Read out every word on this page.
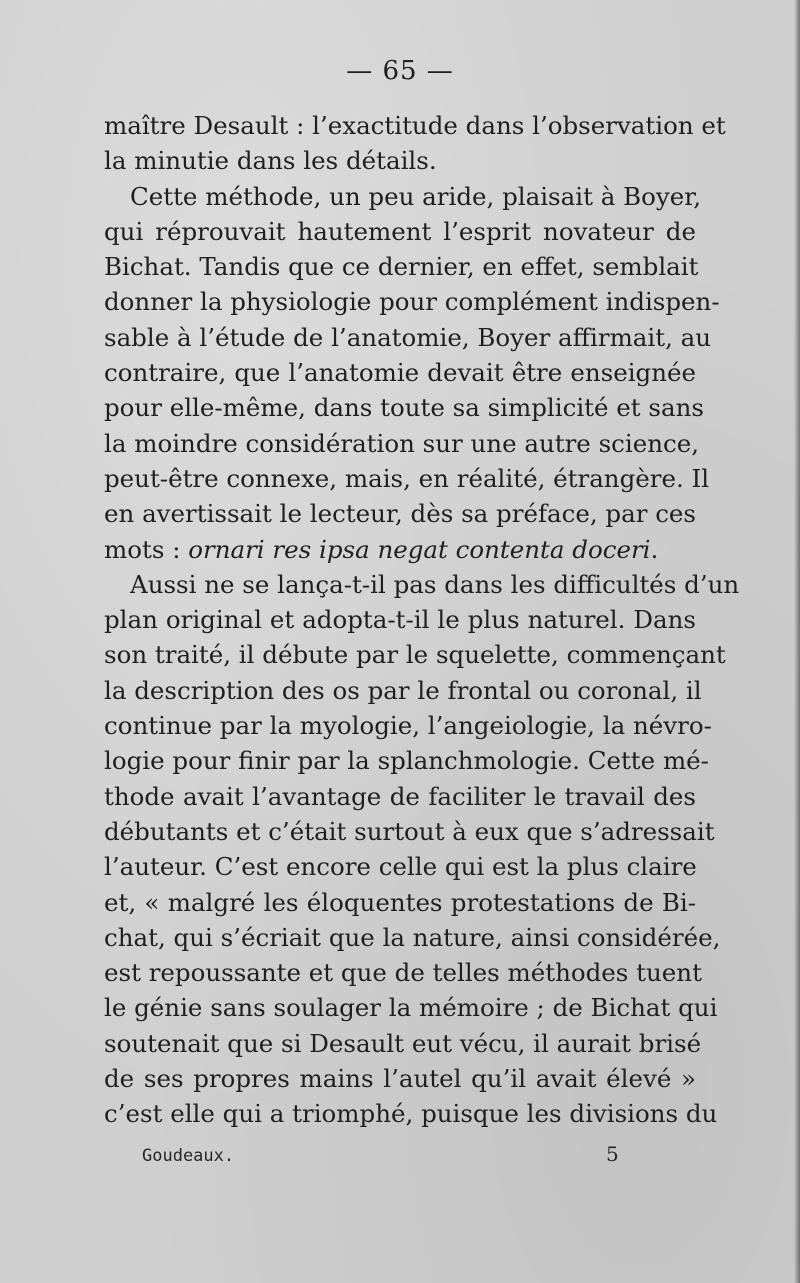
— 65 —
maître Desault : l’exactitude dans l’observation et
la minutie dans les détails.
Cette méthode, un peu aride, plaisait à Boyer,
qui réprouvait hautement l’esprit novateur de
Bichat. Tandis que ce dernier, en effet, semblait
donner la physiologie pour complément indispen-
sable à l’étude de l’anatomie, Boyer affirmait, au
contraire, que l’anatomie devait être enseignée
pour elle-même, dans toute sa simplicité et sans
la moindre considération sur une autre science,
peut-être connexe, mais, en réalité, étrangère. Il
en avertissait le lecteur, dès sa préface, par ces
mots : ornari res ipsa negat contenta doceri.
Aussi ne se lança-t-il pas dans les difficultés d’un
plan original et adopta-t-il le plus naturel. Dans
son traité, il débute par le squelette, commençant
la description des os par le frontal ou coronal, il
continue par la myologie, l’angeiologie, la névro-
logie pour finir par la splanchmologie. Cette mé-
thode avait l’avantage de faciliter le travail des
débutants et c’était surtout à eux que s’adressait
l’auteur. C’est encore celle qui est la plus claire
et, « malgré les éloquentes protestations de Bi-
chat, qui s’écriait que la nature, ainsi considérée,
est repoussante et que de telles méthodes tuent
le génie sans soulager la mémoire ; de Bichat qui
soutenait que si Desault eut vécu, il aurait brisé
de ses propres mains l’autel qu’il avait élevé »
c’est elle qui a triomphé, puisque les divisions du
Goudeaux.	5
